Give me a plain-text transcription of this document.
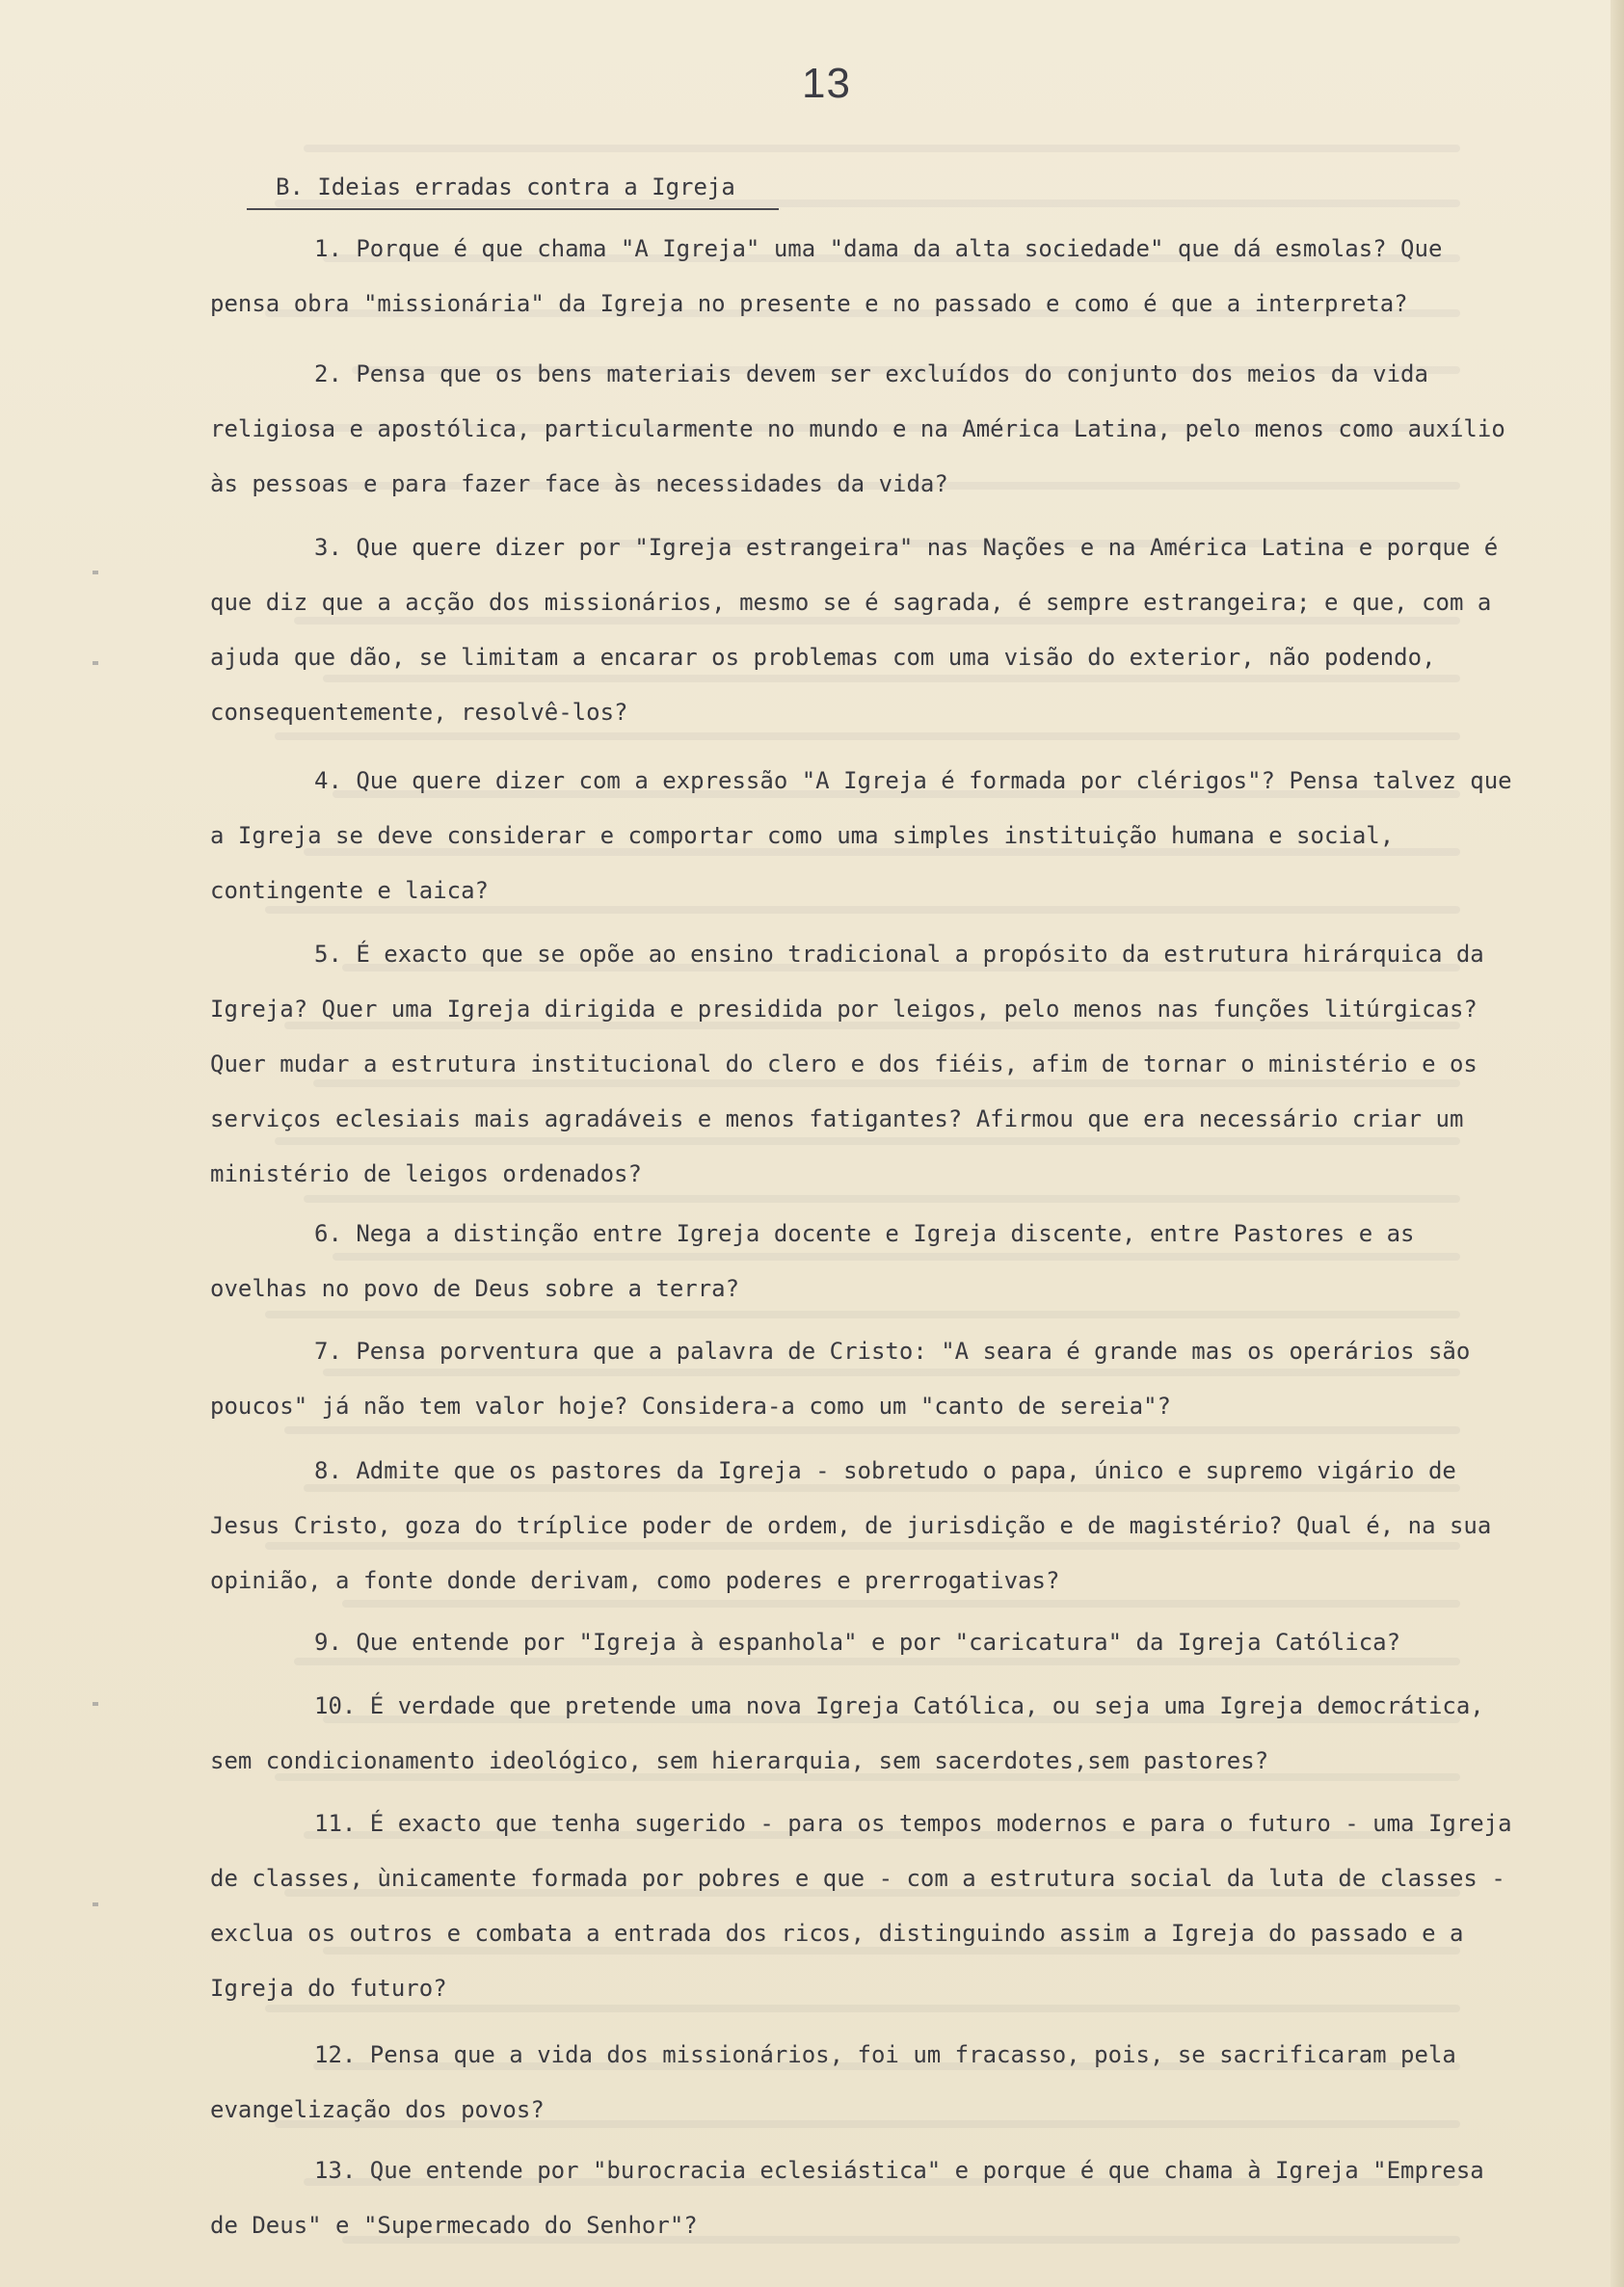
13
B. Ideias erradas contra a Igreja

1. Porque é que chama "A Igreja" uma "dama da alta sociedade" que dá esmolas? Que pensa obra "missionária" da Igreja no presente e no passado e como é que a interpreta?

2. Pensa que os bens materiais devem ser excluídos do conjunto dos meios da vida religiosa e apostólica, particularmente no mundo e na América Latina, pelo menos como auxílio às pessoas e para fazer face às necessidades da vida?

3. Que quere dizer por "Igreja estrangeira" nas Nações e na América Latina e porque é que diz que a acção dos missionários, mesmo se é sagrada, é sempre estrangeira; e que, com a ajuda que dão, se limitam a encarar os problemas com uma visão do exterior, não podendo, consequentemente, resolvê-los?

4. Que quere dizer com a expressão "A Igreja é formada por clérigos"? Pensa talvez que a Igreja se deve considerar e comportar como uma simples instituição humana e social, contingente e laica?

5. É exacto que se opõe ao ensino tradicional a propósito da estrutura hirárquica da Igreja? Quer uma Igreja dirigida e presidida por leigos, pelo menos nas funções litúrgicas? Quer mudar a estrutura institucional do clero e dos fiéis, afim de tornar o ministério e os serviços eclesiais mais agradáveis e menos fatigantes? Afirmou que era necessário criar um ministério de leigos ordenados?

6. Nega a distinção entre Igreja docente e Igreja discente, entre Pastores e as ovelhas no povo de Deus sobre a terra?

7. Pensa porventura que a palavra de Cristo: "A seara é grande mas os operários são poucos" já não tem valor hoje? Considera-a como um "canto de sereia"?

8. Admite que os pastores da Igreja - sobretudo o papa, único e supremo vigário de Jesus Cristo, goza do tríplice poder de ordem, de jurisdição e de magistério? Qual é, na sua opinião, a fonte donde derivam, como poderes e prerrogativas?

9. Que entende por "Igreja à espanhola" e por "caricatura" da Igreja Católica?

10. É verdade que pretende uma nova Igreja Católica, ou seja uma Igreja democrática, sem condicionamento ideológico, sem hierarquia, sem sacerdotes,sem pastores?

11. É exacto que tenha sugerido - para os tempos modernos e para o futuro - uma Igreja de classes, ùnicamente formada por pobres e que - com a estrutura social da luta de classes - exclua os outros e combata a entrada dos ricos, distinguindo assim a Igreja do passado e a Igreja do futuro?

12. Pensa que a vida dos missionários, foi um fracasso, pois, se sacrificaram pela evangelização dos povos?

13. Que entende por "burocracia eclesiástica" e porque é que chama à Igreja "Empresa de Deus" e "Supermecado do Senhor"?
